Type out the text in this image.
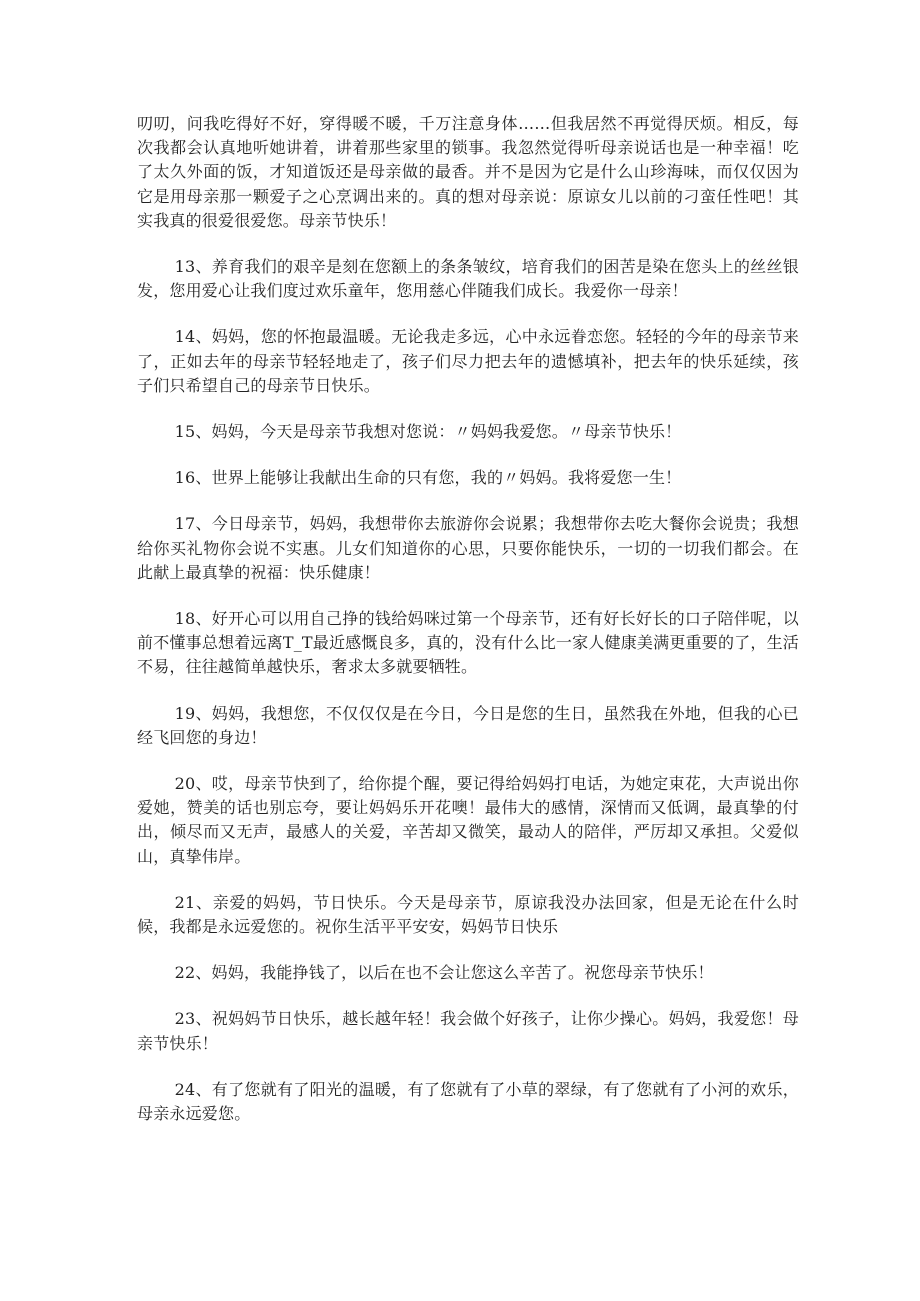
叨叨，问我吃得好不好，穿得暖不暖，千万注意身体……但我居然不再觉得厌烦。相反，每次我都会认真地听她讲着，讲着那些家里的锁事。我忽然觉得听母亲说话也是一种幸福！吃了太久外面的饭，才知道饭还是母亲做的最香。并不是因为它是什么山珍海味，而仅仅因为它是用母亲那一颗爱子之心烹调出来的。真的想对母亲说：原谅女儿以前的刁蛮任性吧！其实我真的很爱很爱您。母亲节快乐！

13、养育我们的艰辛是刻在您额上的条条皱纹，培育我们的困苦是染在您头上的丝丝银发，您用爱心让我们度过欢乐童年，您用慈心伴随我们成长。我爱你一母亲！

14、妈妈，您的怀抱最温暖。无论我走多远，心中永远眷恋您。轻轻的今年的母亲节来了，正如去年的母亲节轻轻地走了，孩子们尽力把去年的遗憾填补，把去年的快乐延续，孩子们只希望自己的母亲节日快乐。

15、妈妈，今天是母亲节我想对您说：〃妈妈我爱您。〃母亲节快乐！

16、世界上能够让我献出生命的只有您，我的〃妈妈。我将爱您一生！

17、今日母亲节，妈妈，我想带你去旅游你会说累；我想带你去吃大餐你会说贵；我想给你买礼物你会说不实惠。儿女们知道你的心思，只要你能快乐，一切的一切我们都会。在此献上最真挚的祝福：快乐健康！

18、好开心可以用自己挣的钱给妈咪过第一个母亲节，还有好长好长的口子陪伴呢，以前不懂事总想着远离T_T最近感慨良多，真的，没有什么比一家人健康美满更重要的了，生活不易，往往越简单越快乐，奢求太多就要牺牲。

19、妈妈，我想您，不仅仅仅是在今日，今日是您的生日，虽然我在外地，但我的心已经飞回您的身边！

20、哎，母亲节快到了，给你提个醒，要记得给妈妈打电话，为她定束花，大声说出你爱她，赞美的话也别忘夸，要让妈妈乐开花噢！最伟大的感情，深情而又低调，最真挚的付出，倾尽而又无声，最感人的关爱，辛苦却又微笑，最动人的陪伴，严厉却又承担。父爱似山，真挚伟岸。

21、亲爱的妈妈，节日快乐。今天是母亲节，原谅我没办法回家，但是无论在什么时候，我都是永远爱您的。祝你生活平平安安，妈妈节日快乐

22、妈妈，我能挣钱了，以后在也不会让您这么辛苦了。祝您母亲节快乐！

23、祝妈妈节日快乐，越长越年轻！我会做个好孩子，让你少操心。妈妈，我爱您！母亲节快乐！

24、有了您就有了阳光的温暖，有了您就有了小草的翠绿，有了您就有了小河的欢乐，母亲永远爱您。
